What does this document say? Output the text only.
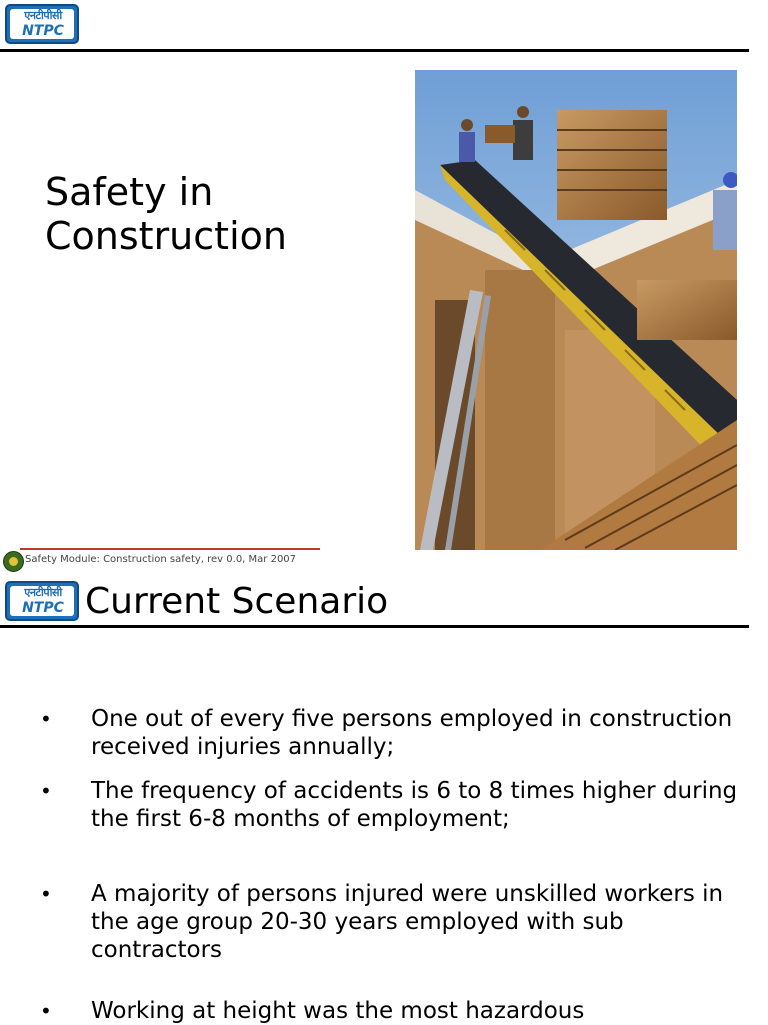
एनटीपीसी
NTPC
Safety in Construction
Safety Module: Construction safety, rev 0.0, Mar 2007
एनटीपीसी
NTPC Current Scenario
• One out of every five persons employed in construction received injuries annually;
• The frequency of accidents is 6 to 8 times higher during the first 6-8 months of employment;
• A majority of persons injured were unskilled workers in the age group 20-30 years employed with sub contractors
• Working at height was the most hazardous
